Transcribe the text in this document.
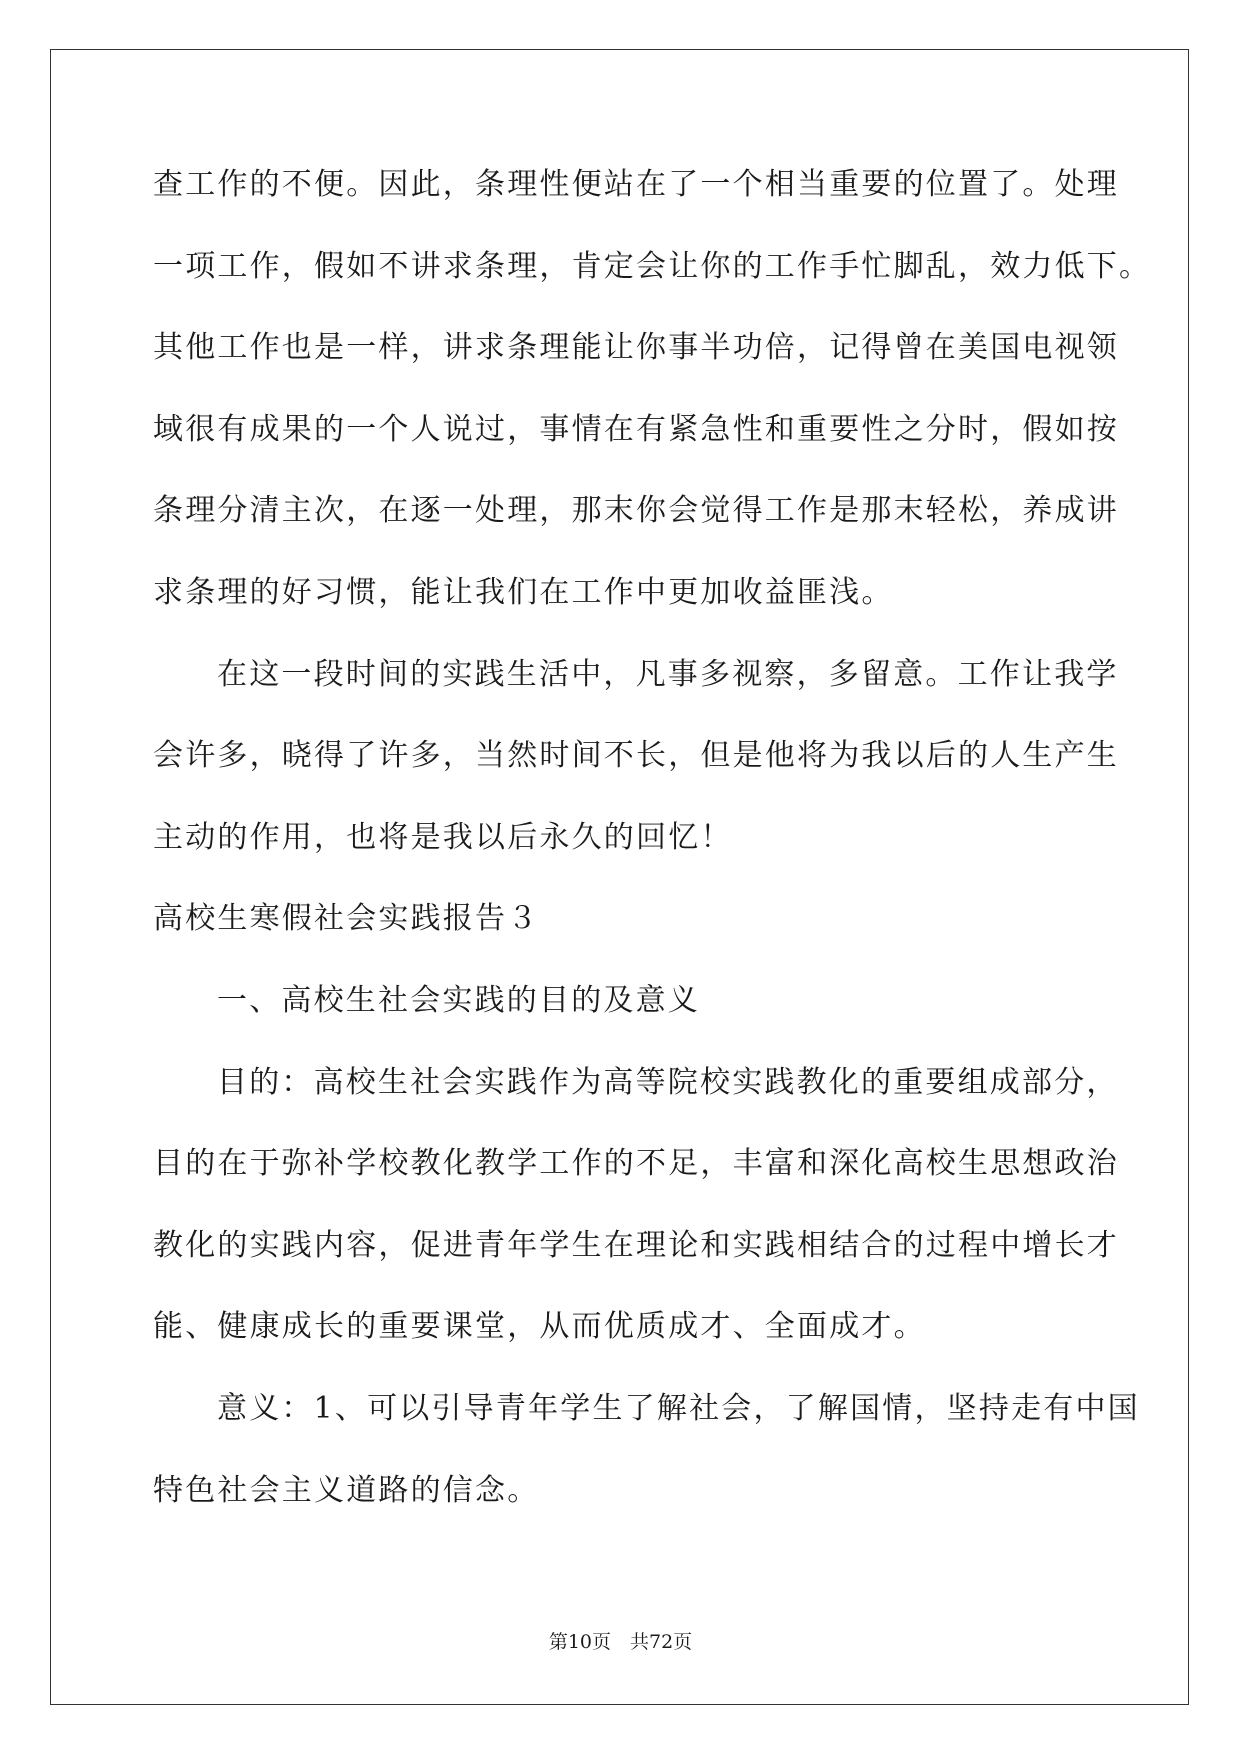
查工作的不便。因此，条理性便站在了一个相当重要的位置了。处理
一项工作，假如不讲求条理，肯定会让你的工作手忙脚乱，效力低下。
其他工作也是一样，讲求条理能让你事半功倍，记得曾在美国电视领
域很有成果的一个人说过，事情在有紧急性和重要性之分时，假如按
条理分清主次，在逐一处理，那末你会觉得工作是那末轻松，养成讲
求条理的好习惯，能让我们在工作中更加收益匪浅。
在这一段时间的实践生活中，凡事多视察，多留意。工作让我学
会许多，晓得了许多，当然时间不长，但是他将为我以后的人生产生
主动的作用，也将是我以后永久的回忆！
高校生寒假社会实践报告３
一、高校生社会实践的目的及意义
目的：高校生社会实践作为高等院校实践教化的重要组成部分，
目的在于弥补学校教化教学工作的不足，丰富和深化高校生思想政治
教化的实践内容，促进青年学生在理论和实践相结合的过程中增长才
能、健康成长的重要课堂，从而优质成才、全面成才。
意义：1、可以引导青年学生了解社会，了解国情，坚持走有中国
特色社会主义道路的信念。
第10页　共72页
